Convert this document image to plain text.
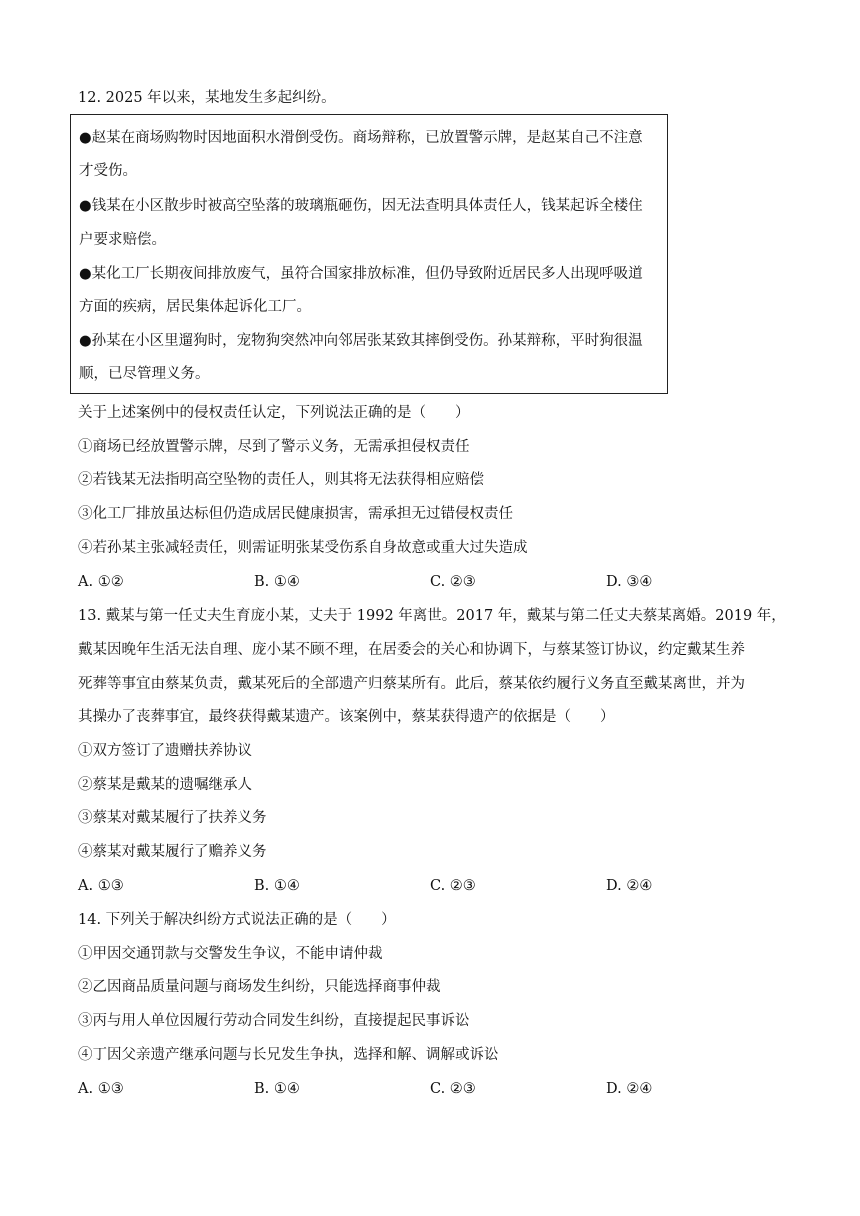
12. 2025 年以来，某地发生多起纠纷。
●赵某在商场购物时因地面积水滑倒受伤。商场辩称，已放置警示牌，是赵某自己不注意
才受伤。
●钱某在小区散步时被高空坠落的玻璃瓶砸伤，因无法查明具体责任人，钱某起诉全楼住
户要求赔偿。
●某化工厂长期夜间排放废气，虽符合国家排放标准，但仍导致附近居民多人出现呼吸道
方面的疾病，居民集体起诉化工厂。
●孙某在小区里遛狗时，宠物狗突然冲向邻居张某致其摔倒受伤。孙某辩称，平时狗很温
顺，已尽管理义务。
关于上述案例中的侵权责任认定，下列说法正确的是（　　）
①商场已经放置警示牌，尽到了警示义务，无需承担侵权责任
②若钱某无法指明高空坠物的责任人，则其将无法获得相应赔偿
③化工厂排放虽达标但仍造成居民健康损害，需承担无过错侵权责任
④若孙某主张减轻责任，则需证明张某受伤系自身故意或重大过失造成
A. ①②	B. ①④	C. ②③	D. ③④
13. 戴某与第一任丈夫生育庞小某，丈夫于 1992 年离世。2017 年，戴某与第二任丈夫蔡某离婚。2019 年，
戴某因晚年生活无法自理、庞小某不顾不理，在居委会的关心和协调下，与蔡某签订协议，约定戴某生养
死葬等事宜由蔡某负责，戴某死后的全部遗产归蔡某所有。此后，蔡某依约履行义务直至戴某离世，并为
其操办了丧葬事宜，最终获得戴某遗产。该案例中，蔡某获得遗产的依据是（　　）
①双方签订了遗赠扶养协议
②蔡某是戴某的遗嘱继承人
③蔡某对戴某履行了扶养义务
④蔡某对戴某履行了赡养义务
A. ①③	B. ①④	C. ②③	D. ②④
14. 下列关于解决纠纷方式说法正确的是（　　）
①甲因交通罚款与交警发生争议，不能申请仲裁
②乙因商品质量问题与商场发生纠纷，只能选择商事仲裁
③丙与用人单位因履行劳动合同发生纠纷，直接提起民事诉讼
④丁因父亲遗产继承问题与长兄发生争执，选择和解、调解或诉讼
A. ①③	B. ①④	C. ②③	D. ②④
